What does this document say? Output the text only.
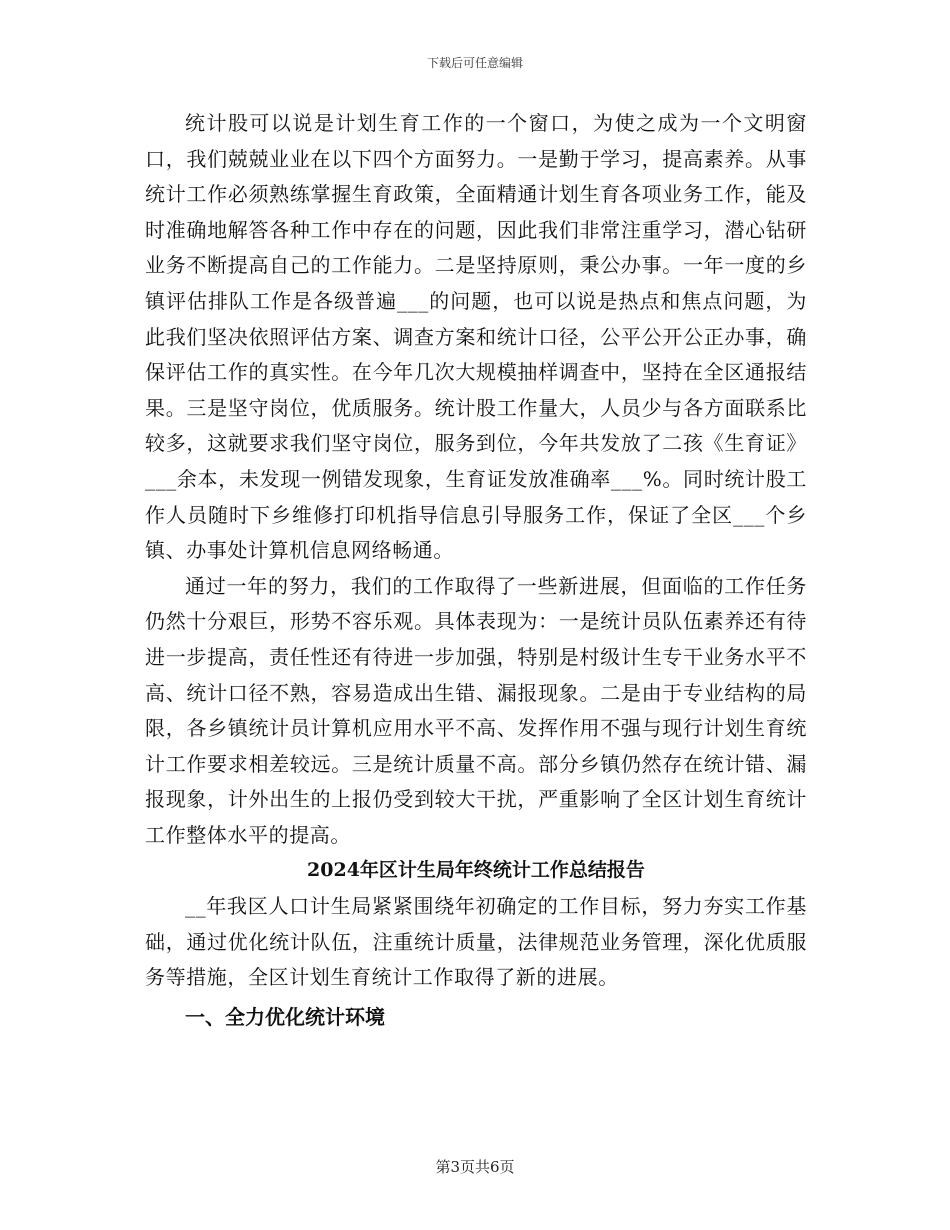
下载后可任意编辑

统计股可以说是计划生育工作的一个窗口，为使之成为一个文明窗口，我们兢兢业业在以下四个方面努力。一是勤于学习，提高素养。从事统计工作必须熟练掌握生育政策，全面精通计划生育各项业务工作，能及时准确地解答各种工作中存在的问题，因此我们非常注重学习，潜心钻研业务不断提高自己的工作能力。二是坚持原则，秉公办事。一年一度的乡镇评估排队工作是各级普遍___的问题，也可以说是热点和焦点问题，为此我们坚决依照评估方案、调查方案和统计口径，公平公开公正办事，确保评估工作的真实性。在今年几次大规模抽样调查中，坚持在全区通报结果。三是坚守岗位，优质服务。统计股工作量大，人员少与各方面联系比较多，这就要求我们坚守岗位，服务到位，今年共发放了二孩《生育证》___余本，未发现一例错发现象，生育证发放准确率___%。同时统计股工作人员随时下乡维修打印机指导信息引导服务工作，保证了全区___个乡镇、办事处计算机信息网络畅通。

通过一年的努力，我们的工作取得了一些新进展，但面临的工作任务仍然十分艰巨，形势不容乐观。具体表现为：一是统计员队伍素养还有待进一步提高，责任性还有待进一步加强，特别是村级计生专干业务水平不高、统计口径不熟，容易造成出生错、漏报现象。二是由于专业结构的局限，各乡镇统计员计算机应用水平不高、发挥作用不强与现行计划生育统计工作要求相差较远。三是统计质量不高。部分乡镇仍然存在统计错、漏报现象，计外出生的上报仍受到较大干扰，严重影响了全区计划生育统计工作整体水平的提高。

2024年区计生局年终统计工作总结报告

__年我区人口计生局紧紧围绕年初确定的工作目标，努力夯实工作基础，通过优化统计队伍，注重统计质量，法律规范业务管理，深化优质服务等措施，全区计划生育统计工作取得了新的进展。

一、全力优化统计环境
第3页共6页
